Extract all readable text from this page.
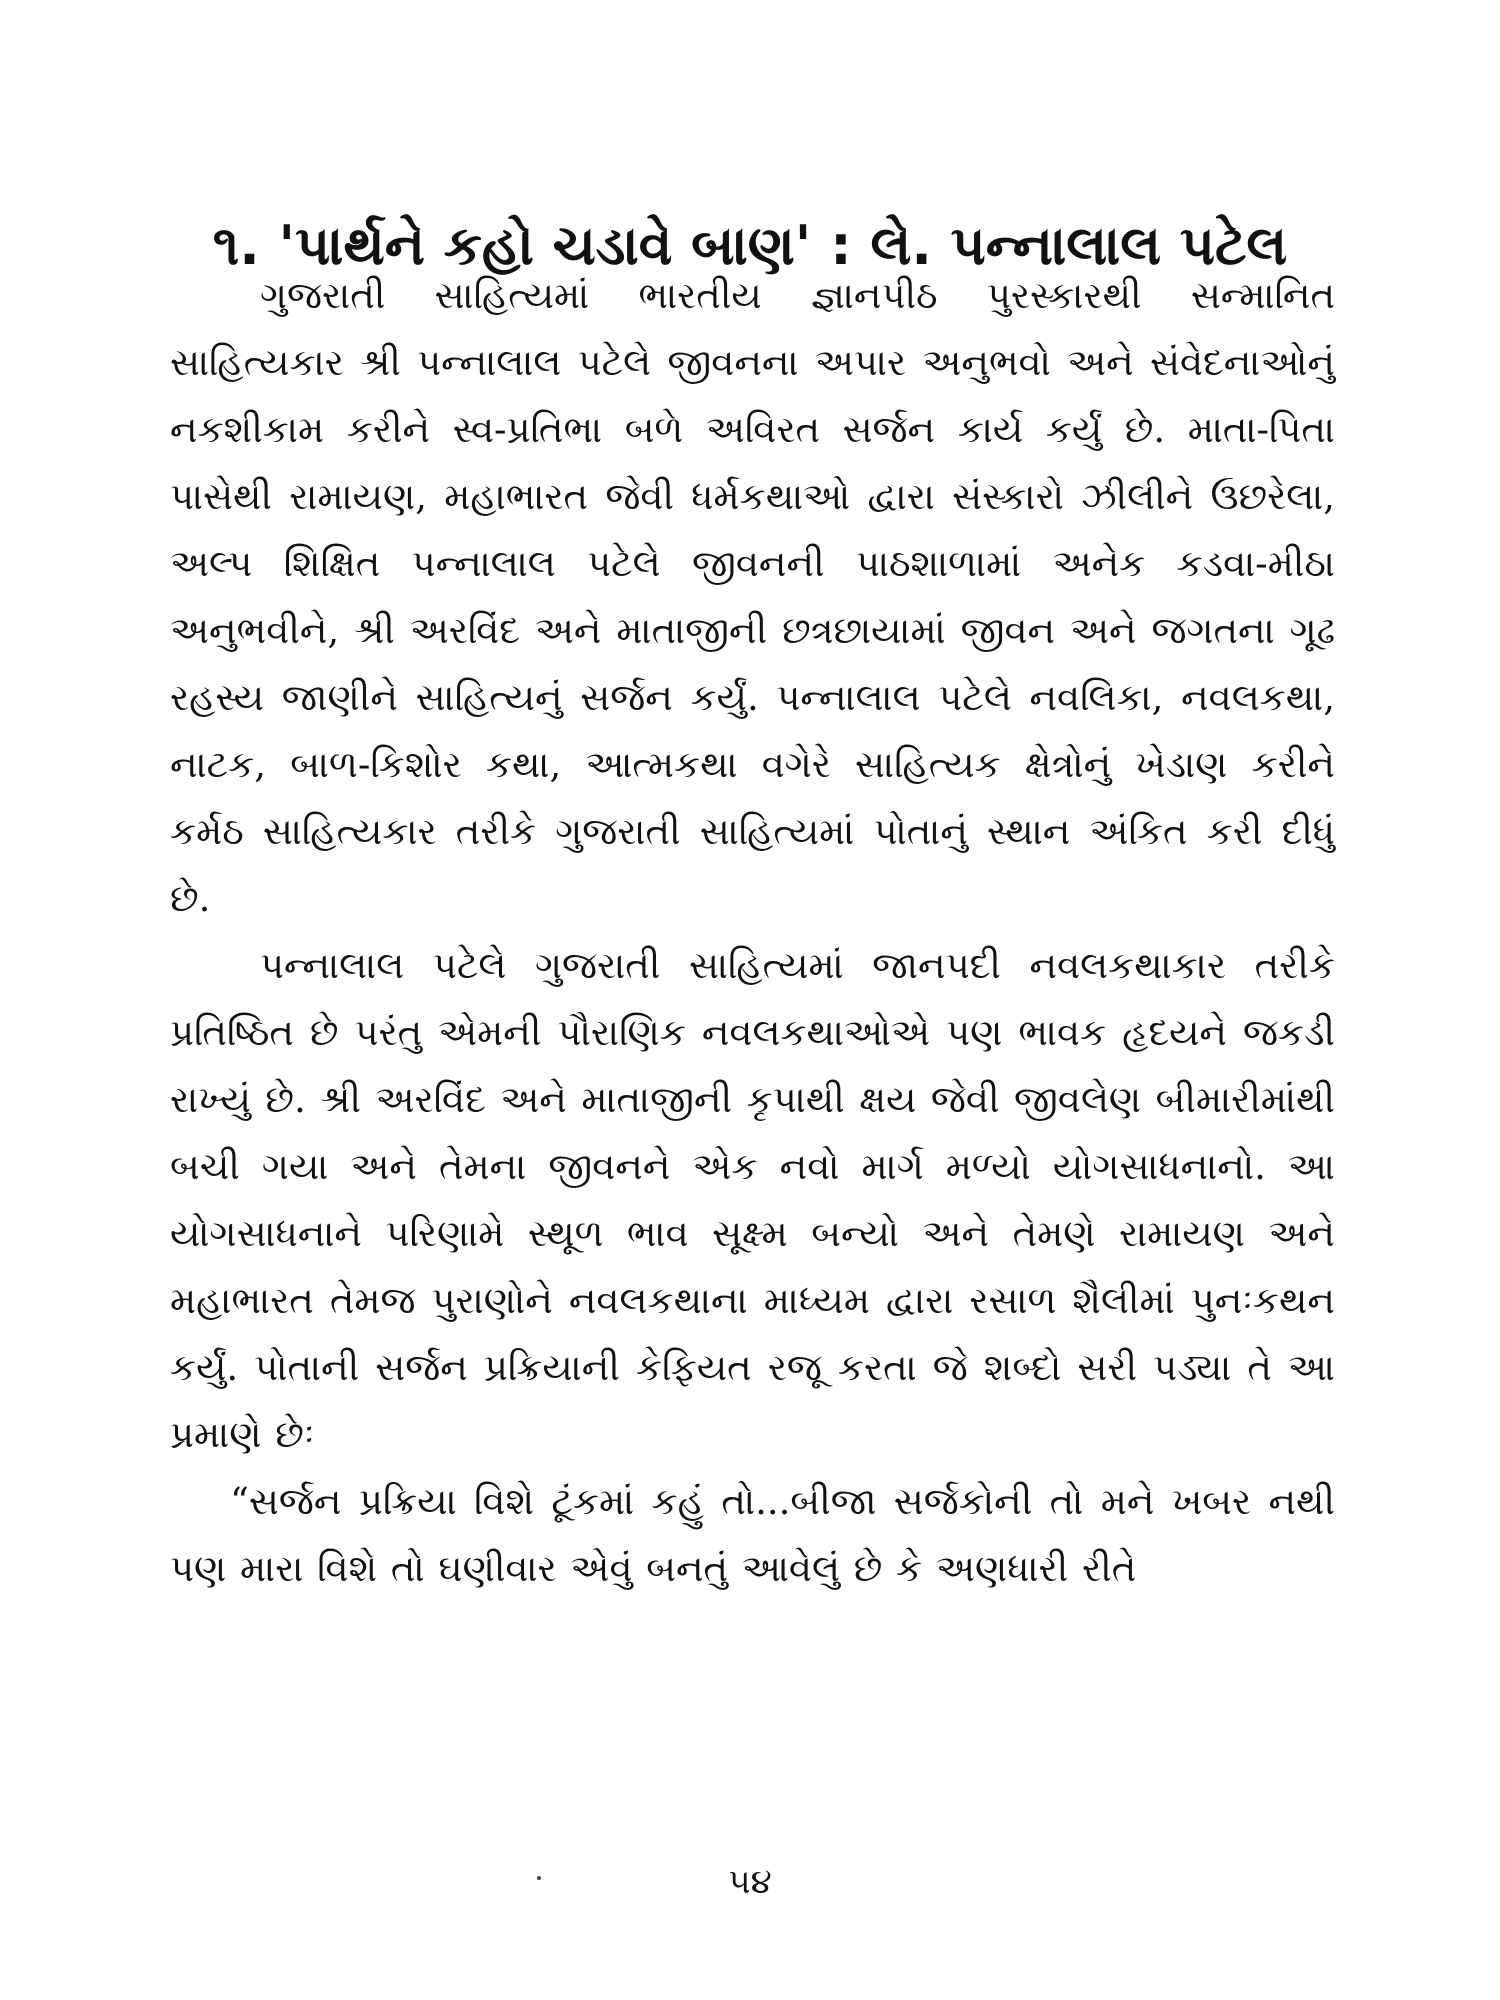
૧. 'પાર્થને કહો ચડાવે બાણ' : લે. પન્નાલાલ પટેલ

ગુજરાતી સાહિત્યમાં ભારતીય જ્ઞાનપીઠ પુરસ્કારથી સન્માનિત સાહિત્યકાર શ્રી પન્નાલાલ પટેલે જીવનના અપાર અનુભવો અને સંવેદનાઓનું નકશીકામ કરીને સ્વ-પ્રતિભા બળે અવિરત સર્જન કાર્ય કર્યું છે. માતા-પિતા પાસેથી રામાયણ, મહાભારત જેવી ધર્મકથાઓ દ્વારા સંસ્કારો ઝીલીને ઉછરેલા, અલ્પ શિક્ષિત પન્નાલાલ પટેલે જીવનની પાઠશાળામાં અનેક કડવા-મીઠા અનુભવીને, શ્રી અરવિંદ અને માતાજીની છત્રછાયામાં જીવન અને જગતના ગૂઢ રહસ્ય જાણીને સાહિત્યનું સર્જન કર્યું. પન્નાલાલ પટેલે નવલિકા, નવલકથા, નાટક, બાળ-કિશોર કથા, આત્મકથા વગેરે સાહિત્યક ક્ષેત્રોનું ખેડાણ કરીને કર્મઠ સાહિત્યકાર તરીકે ગુજરાતી સાહિત્યમાં પોતાનું સ્થાન અંકિત કરી દીધું છે.

પન્નાલાલ પટેલે ગુજરાતી સાહિત્યમાં જાનપદી નવલકથાકાર તરીકે પ્રતિષ્ઠિત છે પરંતુ એમની પૌરાણિક નવલકથાઓએ પણ ભાવક હૃદયને જકડી રાખ્યું છે. શ્રી અરવિંદ અને માતાજીની કૃપાથી ક્ષય જેવી જીવલેણ બીમારીમાંથી બચી ગયા અને તેમના જીવનને એક નવો માર્ગ મળ્યો યોગસાધનાનો. આ યોગસાધનાને પરિણામે સ્થૂળ ભાવ સૂક્ષ્મ બન્યો અને તેમણે રામાયણ અને મહાભારત તેમજ પુરાણોને નવલકથાના માધ્યમ દ્વારા રસાળ શૈલીમાં પુનઃકથન કર્યું. પોતાની સર્જન પ્રક્રિયાની કેફિયત રજૂ કરતા જે શબ્દો સરી પડ્યા તે આ પ્રમાણે છેઃ

“સર્જન પ્રક્રિયા વિશે ટૂંકમાં કહું તો...બીજા સર્જકોની તો મને ખબર નથી પણ મારા વિશે તો ઘણીવાર એવું બનતું આવેલું છે કે અણધારી રીતે

૫૪
